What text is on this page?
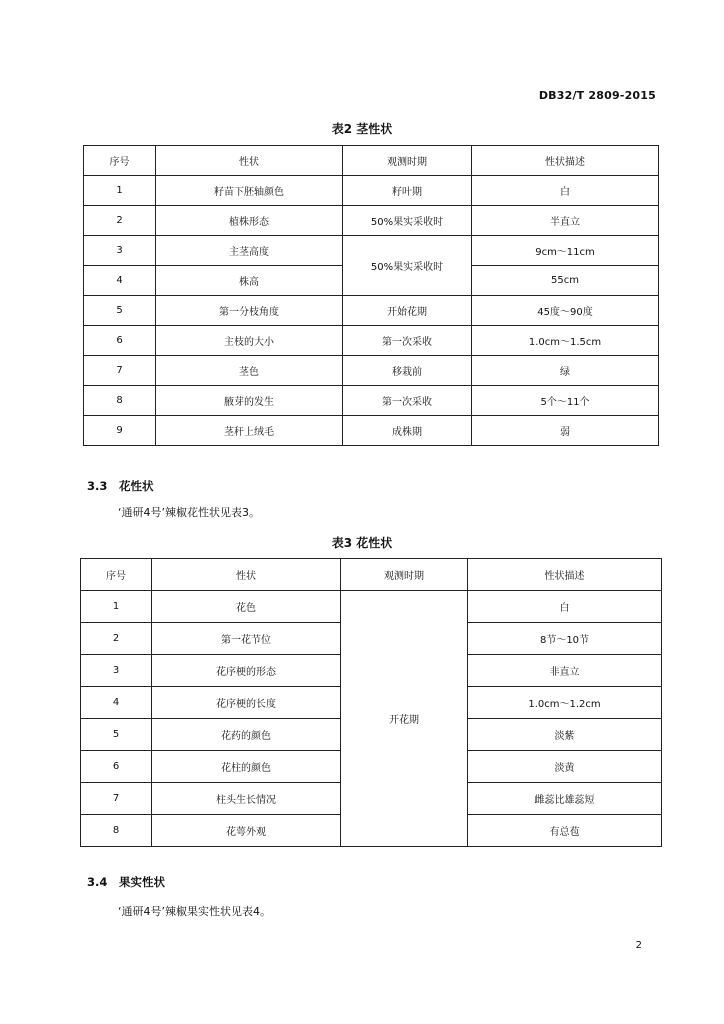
DB32/T 2809-2015
表2 茎性状
序号	性状	观测时期	性状描述
1	籽苗下胚轴颜色	籽叶期	白
2	植株形态	50%果实采收时	半直立
3	主茎高度	50%果实采收时	9cm～11cm
4	株高		55cm
5	第一分枝角度	开始花期	45度～90度
6	主枝的大小	第一次采收	1.0cm～1.5cm
7	茎色	移栽前	绿
8	腋芽的发生	第一次采收	5个～11个
9	茎秆上绒毛	成株期	弱
3.3 花性状
‘通研4号’辣椒花性状见表3。
表3 花性状
序号	性状	观测时期	性状描述
1	花色	开花期	白
2	第一花节位		8节～10节
3	花序梗的形态		非直立
4	花序梗的长度		1.0cm～1.2cm
5	花药的颜色		淡紫
6	花柱的颜色		淡黄
7	柱头生长情况		雌蕊比雄蕊短
8	花萼外观		有总苞
3.4 果实性状
‘通研4号’辣椒果实性状见表4。
2
